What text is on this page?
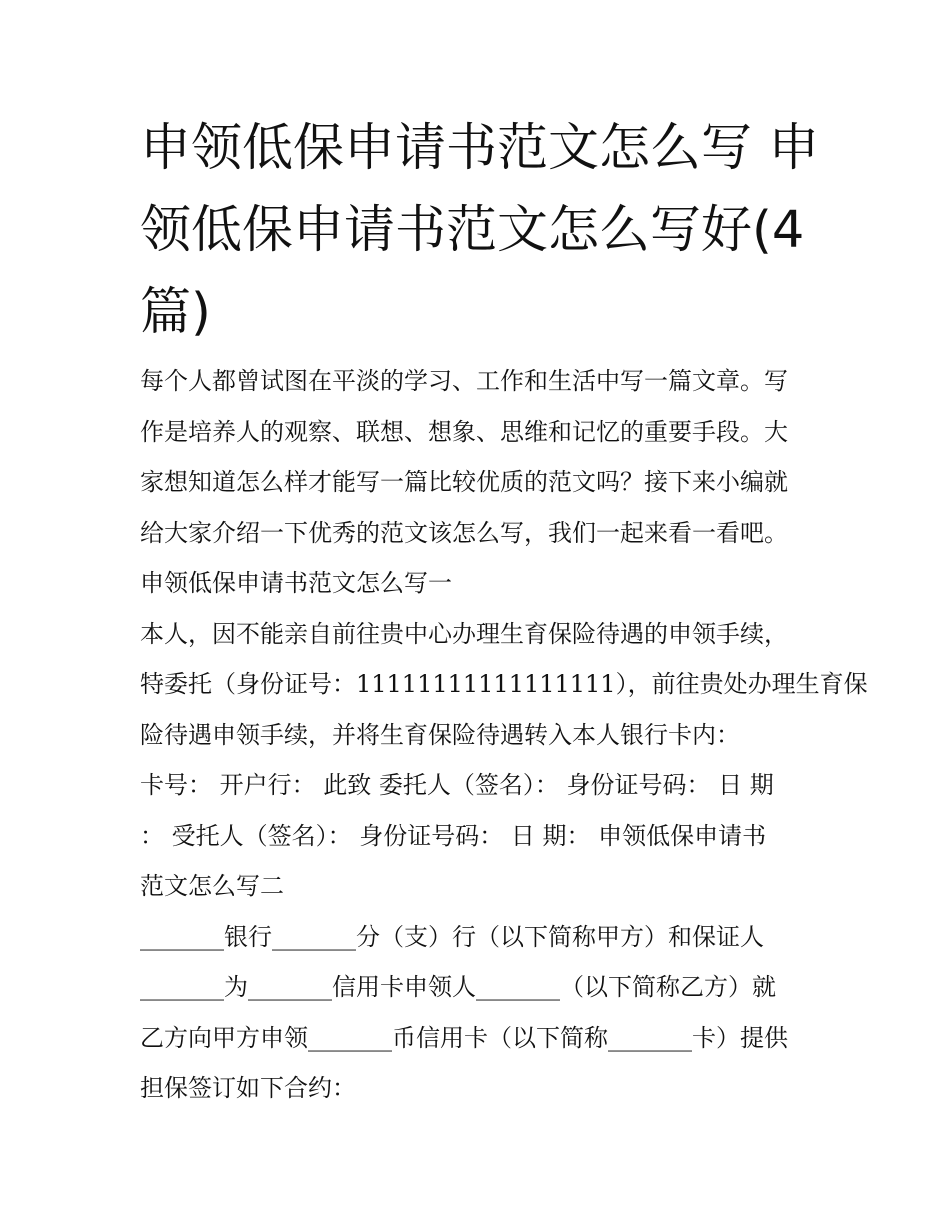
申领低保申请书范文怎么写 申
领低保申请书范文怎么写好(4
篇)
每个人都曾试图在平淡的学习、工作和生活中写一篇文章。写
作是培养人的观察、联想、想象、思维和记忆的重要手段。大
家想知道怎么样才能写一篇比较优质的范文吗？接下来小编就
给大家介绍一下优秀的范文该怎么写，我们一起来看一看吧。
申领低保申请书范文怎么写一
本人，因不能亲自前往贵中心办理生育保险待遇的申领手续，
特委托（身份证号：11111111111111111），前往贵处办理生育保
险待遇申领手续，并将生育保险待遇转入本人银行卡内：
卡号： 开户行： 此致 委托人（签名）： 身份证号码： 日 期
： 受托人（签名）： 身份证号码： 日 期： 申领低保申请书
范文怎么写二
_______银行_______分（支）行（以下简称甲方）和保证人
_______为_______信用卡申领人_______（以下简称乙方）就
乙方向甲方申领_______币信用卡（以下简称_______卡）提供
担保签订如下合约：
